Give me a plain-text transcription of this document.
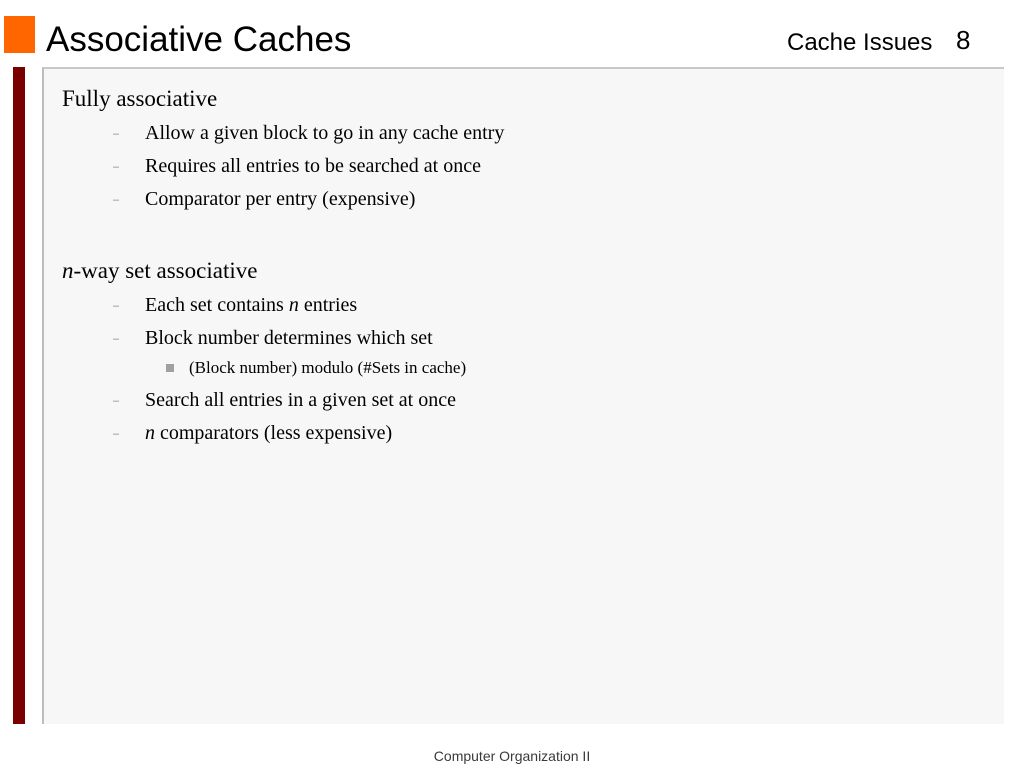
Associative Caches	Cache Issues 8
Fully associative
– Allow a given block to go in any cache entry
– Requires all entries to be searched at once
– Comparator per entry (expensive)
n-way set associative
– Each set contains n entries
– Block number determines which set
(Block number) modulo (#Sets in cache)
– Search all entries in a given set at once
– n comparators (less expensive)
Computer Organization II
